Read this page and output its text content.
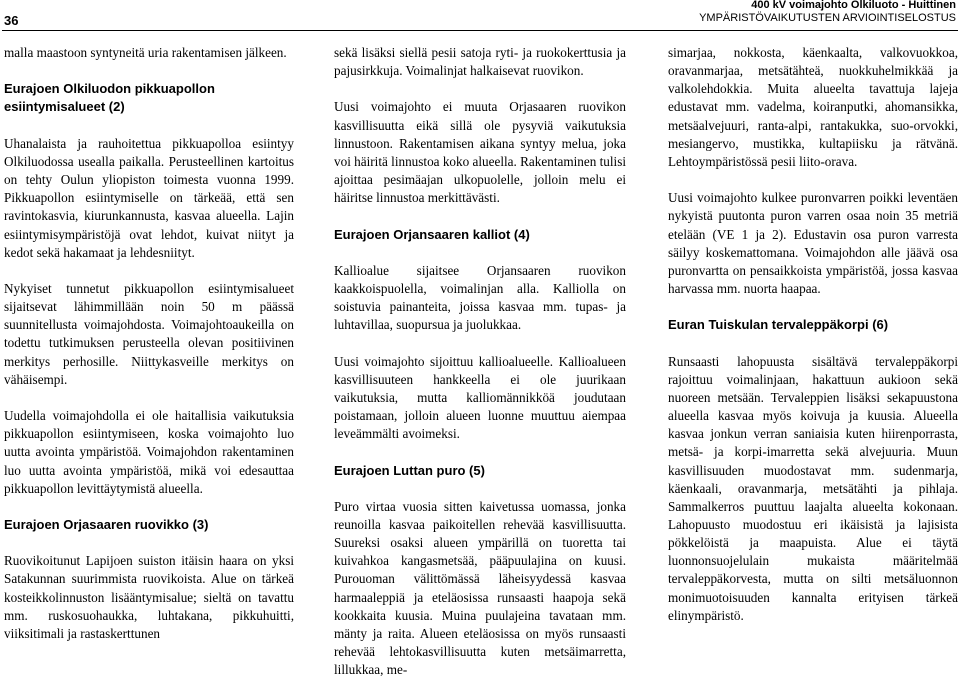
36
400 kV voimajohto Olkiluoto - Huittinen
YMPÄRISTÖVAIKUTUSTEN ARVIOINTISELOSTUS

malla maastoon syntyneitä uria rakentamisen jälkeen.

Eurajoen Olkiluodon pikkuapollon esiintymisalueet (2)

Uhanalaista ja rauhoitettua pikkuapolloa esiintyy Olkiluodossa usealla paikalla. Perusteellinen kartoitus on tehty Oulun yliopiston toimesta vuonna 1999. Pikkuapollon esiintymiselle on tärkeää, että sen ravintokasvia, kiurunkannusta, kasvaa alueella. Lajin esiintymisympäristöjä ovat lehdot, kuivat niityt ja kedot sekä hakamaat ja lehdesniityt.

Nykyiset tunnetut pikkuapollon esiintymisalueet sijaitsevat lähimmillään noin 50 m päässä suunnitellusta voimajohdosta. Voimajohtoaukeilla on todettu tutkimuksen perusteella olevan positiivinen merkitys perhosille. Niittykasveille merkitys on vähäisempi.

Uudella voimajohdolla ei ole haitallisia vaikutuksia pikkuapollon esiintymiseen, koska voimajohto luo uutta avointa ympäristöä. Voimajohdon rakentaminen luo uutta avointa ympäristöä, mikä voi edesauttaa pikkuapollon levittäytymistä alueella.

Eurajoen Orjasaaren ruovikko (3)

Ruovikoitunut Lapijoen suiston itäisin haara on yksi Satakunnan suurimmista ruovikoista. Alue on tärkeä kosteikkolinnuston lisääntymisalue; sieltä on tavattu mm. ruskosuohaukka, luhtakana, pikkuhuitti, viiksitimali ja rastaskerttunen

sekä lisäksi siellä pesii satoja ryti- ja ruokokerttusia ja pajusirkkuja. Voimalinjat halkaisevat ruovikon.

Uusi voimajohto ei muuta Orjasaaren ruovikon kasvillisuutta eikä sillä ole pysyviä vaikutuksia linnustoon. Rakentamisen aikana syntyy melua, joka voi häiritä linnustoa koko alueella. Rakentaminen tulisi ajoittaa pesimäajan ulkopuolelle, jolloin melu ei häiritse linnustoa merkittävästi.

Eurajoen Orjansaaren kalliot (4)

Kallioalue sijaitsee Orjansaaren ruovikon kaakkoispuolella, voimalinjan alla. Kalliolla on soistuvia painanteita, joissa kasvaa mm. tupas- ja luhtavillaa, suopursua ja juolukkaa.

Uusi voimajohto sijoittuu kallioalueelle. Kallioalueen kasvillisuuteen hankkeella ei ole juurikaan vaikutuksia, mutta kalliomännikköä joudutaan poistamaan, jolloin alueen luonne muuttuu aiempaa leveämmälti avoimeksi.

Eurajoen Luttan puro (5)

Puro virtaa vuosia sitten kaivetussa uomassa, jonka reunoilla kasvaa paikoitellen rehevää kasvillisuutta. Suureksi osaksi alueen ympärillä on tuoretta tai kuivahkoa kangasmetsää, pääpuulajina on kuusi. Purouoman välittömässä läheisyydessä kasvaa harmaaleppiä ja eteläosissa runsaasti haapoja sekä kookkaita kuusia. Muina puulajeina tavataan mm. mänty ja raita. Alueen eteläosissa on myös runsaasti rehevää lehtokasvillisuutta kuten metsäimarretta, lillukkaa, me-

simarjaa, nokkosta, käenkaalta, valkovuokkoa, oravanmarjaa, metsätähteä, nuokkuhelmikkää ja valkolehdokkia. Muita alueelta tavattuja lajeja edustavat mm. vadelma, koiranputki, ahomansikka, metsäalvejuuri, ranta-alpi, rantakukka, suo-orvokki, mesiangervo, mustikka, kultapiisku ja rätvänä. Lehtoympäristössä pesii liito-orava.

Uusi voimajohto kulkee puronvarren poikki leventäen nykyistä puutonta puron varren osaa noin 35 metriä etelään (VE 1 ja 2). Edustavin osa puron varresta säilyy koskemattomana. Voimajohdon alle jäävä osa puronvartta on pensaikkoista ympäristöä, jossa kasvaa harvassa mm. nuorta haapaa.

Euran Tuiskulan tervaleppäkorpi (6)

Runsaasti lahopuusta sisältävä tervaleppäkorpi rajoittuu voimalinjaan, hakattuun aukioon sekä nuoreen metsään. Tervaleppien lisäksi sekapuustona alueella kasvaa myös koivuja ja kuusia. Alueella kasvaa jonkun verran saniaisia kuten hiirenporrasta, metsä- ja korpi-imarretta sekä alvejuuria. Muun kasvillisuuden muodostavat mm. sudenmarja, käenkaali, oravanmarja, metsätähti ja pihlaja. Sammalkerros puuttuu laajalta alueelta kokonaan. Lahopuusto muodostuu eri ikäisistä ja lajisista pökkelöistä ja maapuista. Alue ei täytä luonnonsuojelulain mukaista määritelmää tervaleppäkorvesta, mutta on silti metsäluonnon monimuotoisuuden kannalta erityisen tärkeä elinympäristö.
